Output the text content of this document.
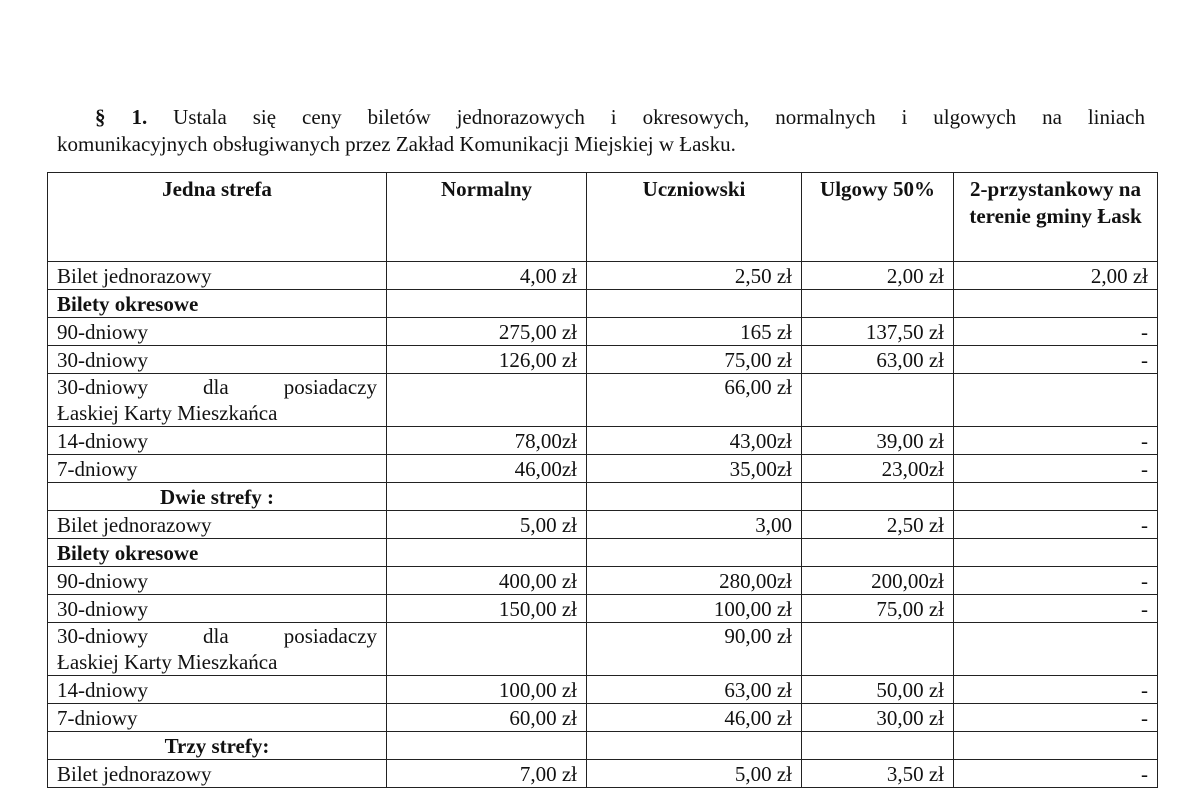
§ 1. Ustala się ceny biletów jednorazowych i okresowych, normalnych i ulgowych na liniach
komunikacyjnych obsługiwanych przez Zakład Komunikacji Miejskiej w Łasku.
Jedna strefa	Normalny	Uczniowski	Ulgowy 50%	2-przystankowy na terenie gminy Łask
Bilet jednorazowy	4,00 zł	2,50 zł	2,00 zł	2,00 zł
Bilety okresowe				
90-dniowy	275,00 zł	165 zł	137,50 zł	-
30-dniowy	126,00 zł	75,00 zł	63,00 zł	-

30-dniowy dla posiadaczy
Łaskiej Karty Mieszkańca		66,00 zł		
14-dniowy	78,00zł	43,00zł	39,00 zł	-
7-dniowy	46,00zł	35,00zł	23,00zł	-
Dwie strefy :				
Bilet jednorazowy	5,00 zł	3,00	2,50 zł	-
Bilety okresowe				
90-dniowy	400,00 zł	280,00zł	200,00zł	-
30-dniowy	150,00 zł	100,00 zł	75,00 zł	-

30-dniowy dla posiadaczy
Łaskiej Karty Mieszkańca		90,00 zł		
14-dniowy	100,00 zł	63,00 zł	50,00 zł	-
7-dniowy	60,00 zł	46,00 zł	30,00 zł	-
Trzy strefy:				
Bilet jednorazowy	7,00 zł	5,00 zł	3,50 zł	-
